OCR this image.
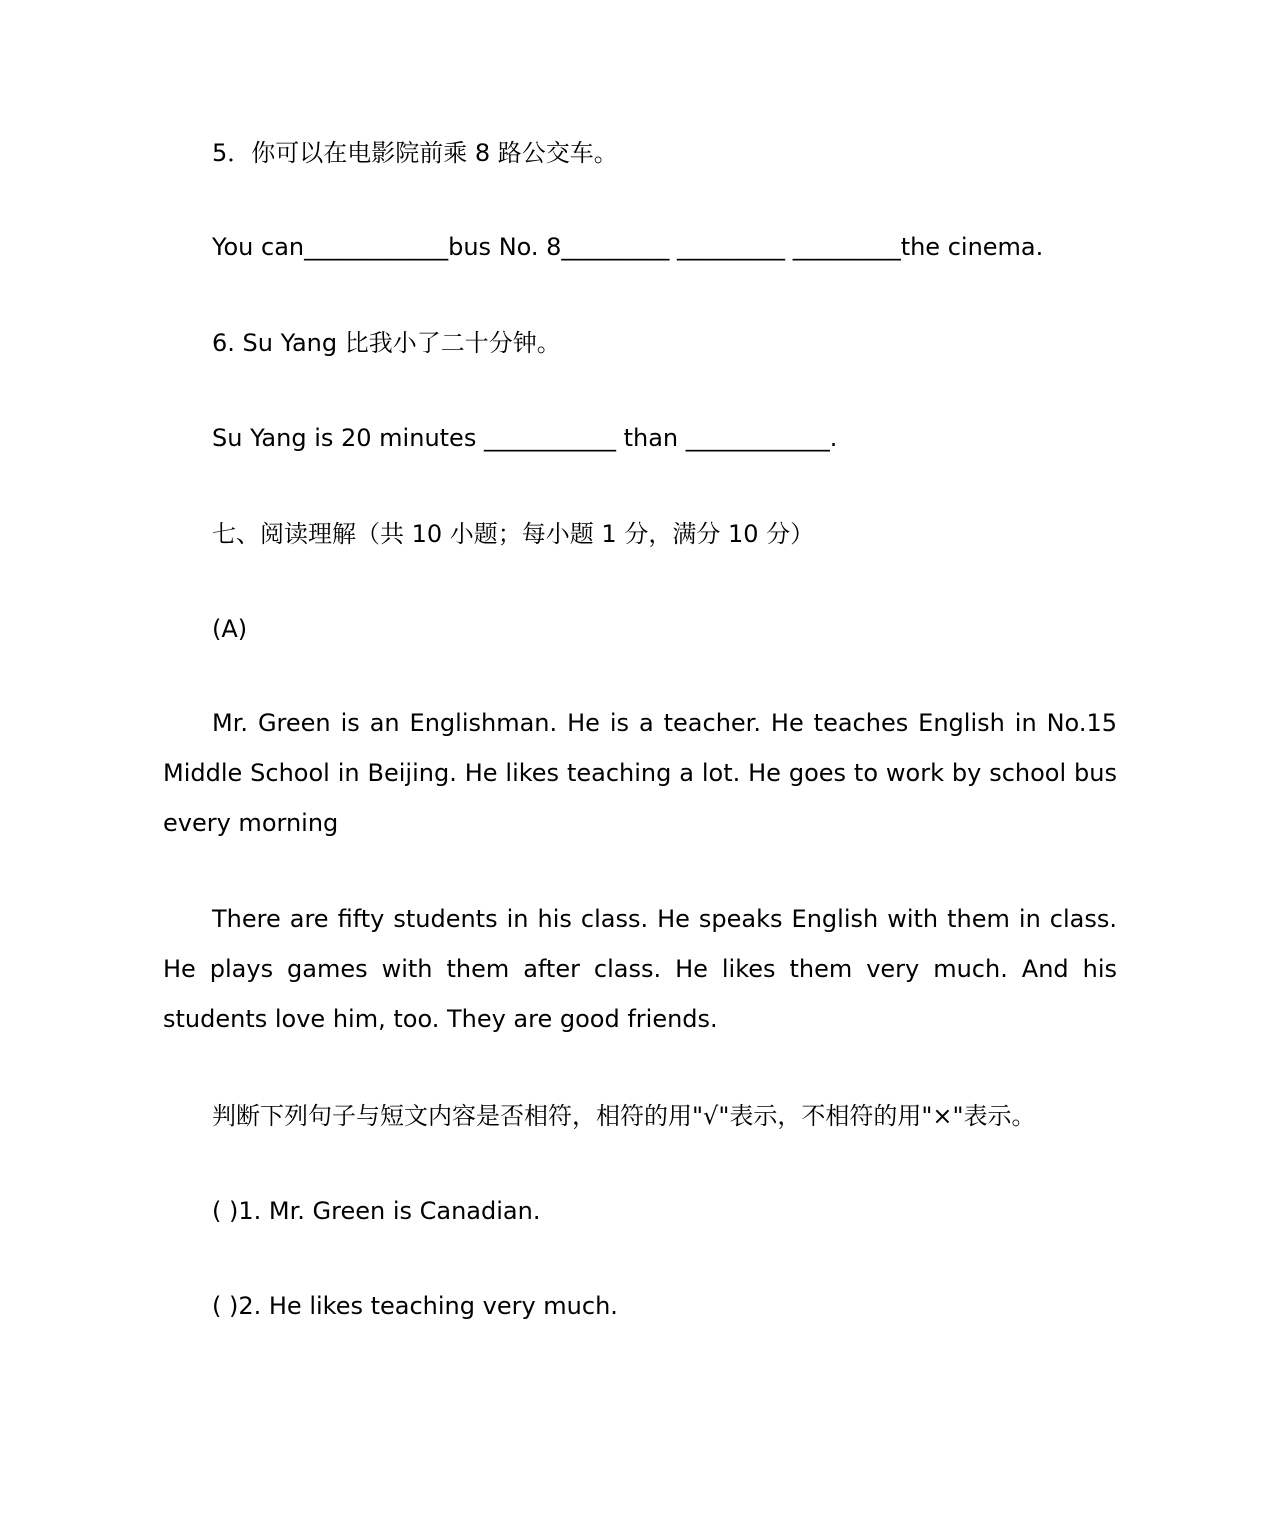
5．你可以在电影院前乘 8 路公交车。
You can____________bus No. 8_________ _________ _________the cinema.
6. Su Yang 比我小了二十分钟。
Su Yang is 20 minutes ___________ than ____________.
七、阅读理解（共 10 小题；每小题 1 分，满分 10 分）
(A)
Mr. Green is an Englishman. He is a teacher. He teaches English in No.15 Middle School in Beijing. He likes teaching a lot. He goes to work by school bus every morning
There are fifty students in his class. He speaks English with them in class. He plays games with them after class. He likes them very much. And his students love him, too. They are good friends.
判断下列句子与短文内容是否相符，相符的用"√"表示，不相符的用"×"表示。
( )1. Mr. Green is Canadian.
( )2. He likes teaching very much.
